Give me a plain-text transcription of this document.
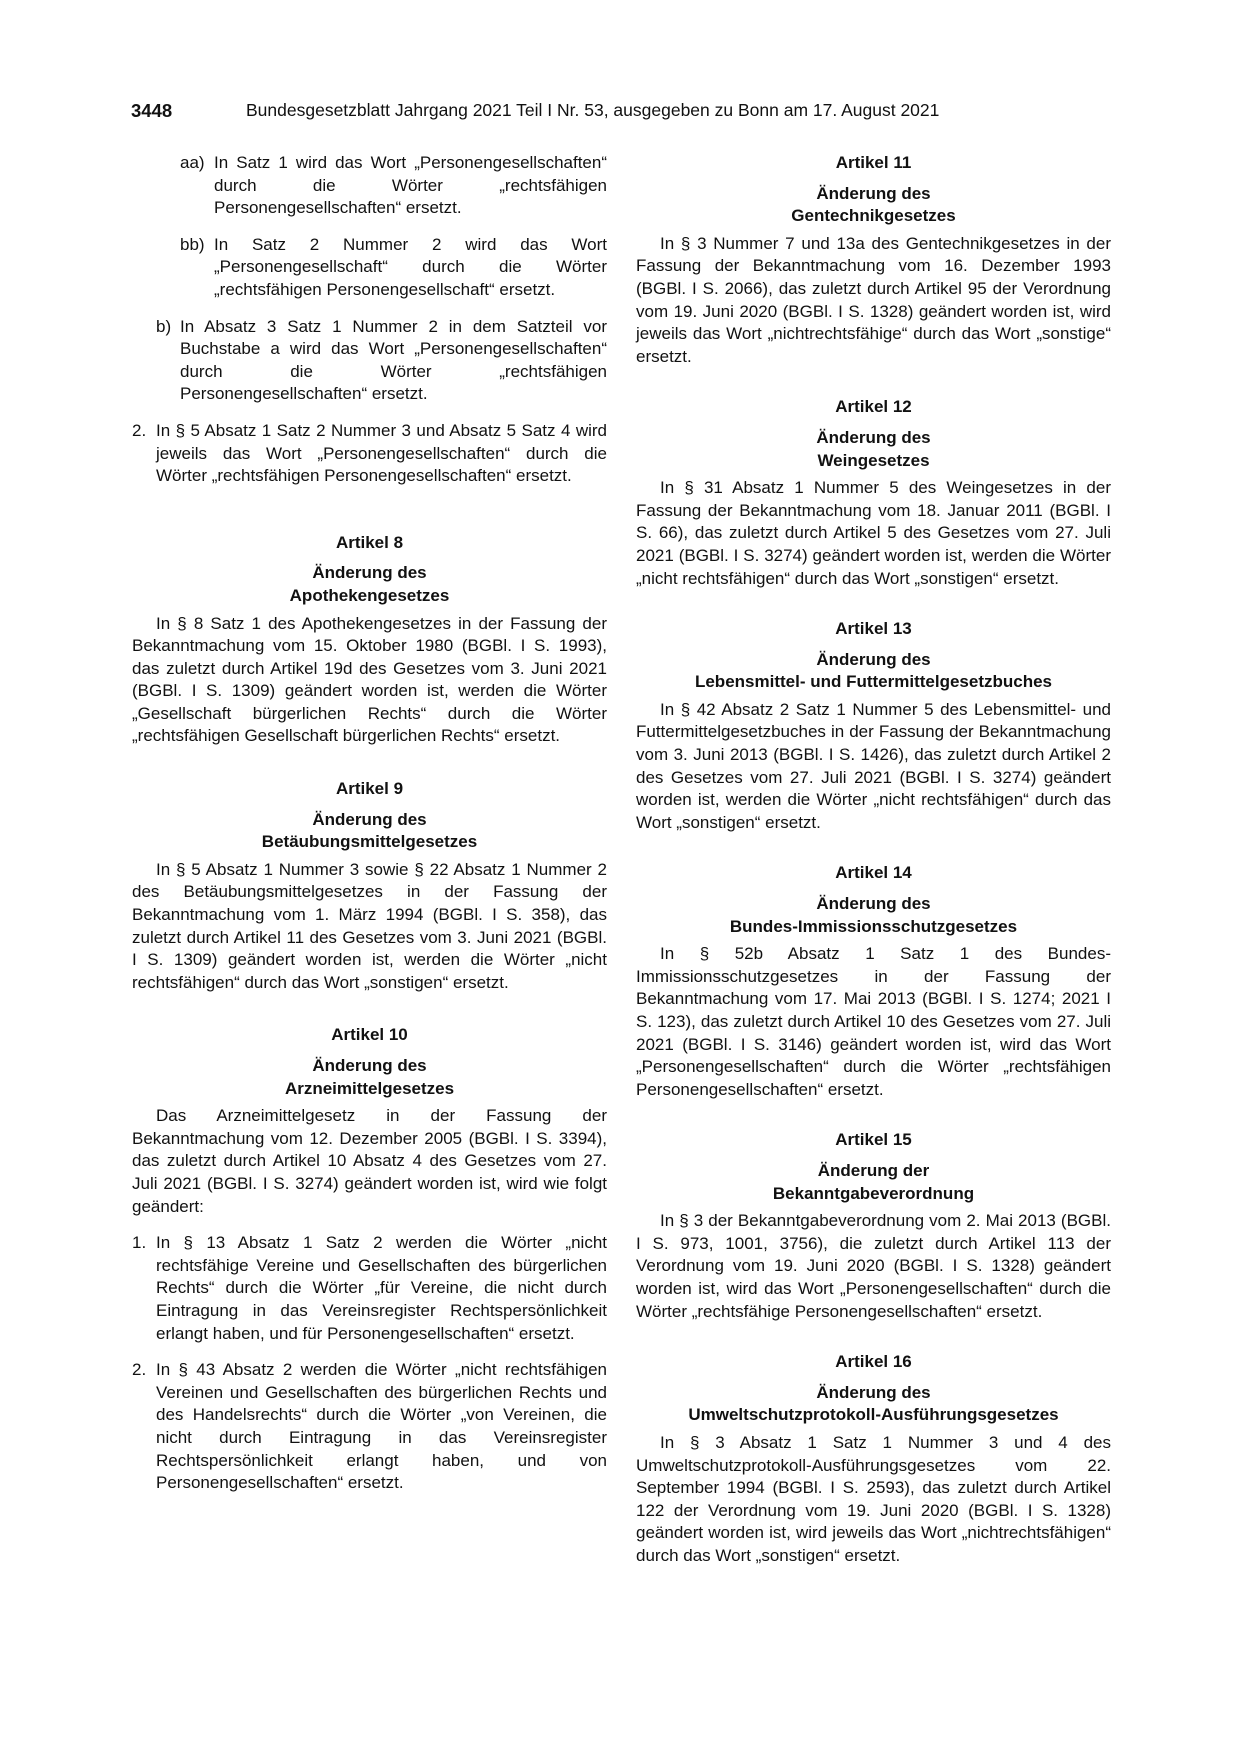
3448	Bundesgesetzblatt Jahrgang 2021 Teil I Nr. 53, ausgegeben zu Bonn am 17. August 2021
aa) In Satz 1 wird das Wort „Personengesellschaften“ durch die Wörter „rechtsfähigen Personengesellschaften“ ersetzt.
bb) In Satz 2 Nummer 2 wird das Wort „Personengesellschaft“ durch die Wörter „rechtsfähigen Personengesellschaft“ ersetzt.
b) In Absatz 3 Satz 1 Nummer 2 in dem Satzteil vor Buchstabe a wird das Wort „Personengesellschaften“ durch die Wörter „rechtsfähigen Personengesellschaften“ ersetzt.
2. In § 5 Absatz 1 Satz 2 Nummer 3 und Absatz 5 Satz 4 wird jeweils das Wort „Personengesellschaften“ durch die Wörter „rechtsfähigen Personengesellschaften“ ersetzt.
Artikel 8
Änderung des
Apothekengesetzes

In § 8 Satz 1 des Apothekengesetzes in der Fassung der Bekanntmachung vom 15. Oktober 1980 (BGBl. I S. 1993), das zuletzt durch Artikel 19d des Gesetzes vom 3. Juni 2021 (BGBl. I S. 1309) geändert worden ist, werden die Wörter „Gesellschaft bürgerlichen Rechts“ durch die Wörter „rechtsfähigen Gesellschaft bürgerlichen Rechts“ ersetzt.

Artikel 9
Änderung des
Betäubungsmittelgesetzes

In § 5 Absatz 1 Nummer 3 sowie § 22 Absatz 1 Nummer 2 des Betäubungsmittelgesetzes in der Fassung der Bekanntmachung vom 1. März 1994 (BGBl. I S. 358), das zuletzt durch Artikel 11 des Gesetzes vom 3. Juni 2021 (BGBl. I S. 1309) geändert worden ist, werden die Wörter „nicht rechtsfähigen“ durch das Wort „sonstigen“ ersetzt.

Artikel 10
Änderung des
Arzneimittelgesetzes

Das Arzneimittelgesetz in der Fassung der Bekanntmachung vom 12. Dezember 2005 (BGBl. I S. 3394), das zuletzt durch Artikel 10 Absatz 4 des Gesetzes vom 27. Juli 2021 (BGBl. I S. 3274) geändert worden ist, wird wie folgt geändert:

1. In § 13 Absatz 1 Satz 2 werden die Wörter „nicht rechtsfähige Vereine und Gesellschaften des bürgerlichen Rechts“ durch die Wörter „für Vereine, die nicht durch Eintragung in das Vereinsregister Rechtspersönlichkeit erlangt haben, und für Personengesellschaften“ ersetzt.
2. In § 43 Absatz 2 werden die Wörter „nicht rechtsfähigen Vereinen und Gesellschaften des bürgerlichen Rechts und des Handelsrechts“ durch die Wörter „von Vereinen, die nicht durch Eintragung in das Vereinsregister Rechtspersönlichkeit erlangt haben, und von Personengesellschaften“ ersetzt.
Artikel 11
Änderung des
Gentechnikgesetzes

In § 3 Nummer 7 und 13a des Gentechnikgesetzes in der Fassung der Bekanntmachung vom 16. Dezember 1993 (BGBl. I S. 2066), das zuletzt durch Artikel 95 der Verordnung vom 19. Juni 2020 (BGBl. I S. 1328) geändert worden ist, wird jeweils das Wort „nichtrechtsfähige“ durch das Wort „sonstige“ ersetzt.

Artikel 12
Änderung des
Weingesetzes

In § 31 Absatz 1 Nummer 5 des Weingesetzes in der Fassung der Bekanntmachung vom 18. Januar 2011 (BGBl. I S. 66), das zuletzt durch Artikel 5 des Gesetzes vom 27. Juli 2021 (BGBl. I S. 3274) geändert worden ist, werden die Wörter „nicht rechtsfähigen“ durch das Wort „sonstigen“ ersetzt.

Artikel 13
Änderung des
Lebensmittel- und Futtermittelgesetzbuches

In § 42 Absatz 2 Satz 1 Nummer 5 des Lebensmittel- und Futtermittelgesetzbuches in der Fassung der Bekanntmachung vom 3. Juni 2013 (BGBl. I S. 1426), das zuletzt durch Artikel 2 des Gesetzes vom 27. Juli 2021 (BGBl. I S. 3274) geändert worden ist, werden die Wörter „nicht rechtsfähigen“ durch das Wort „sonstigen“ ersetzt.

Artikel 14
Änderung des
Bundes-Immissionsschutzgesetzes

In § 52b Absatz 1 Satz 1 des Bundes-Immissionsschutzgesetzes in der Fassung der Bekanntmachung vom 17. Mai 2013 (BGBl. I S. 1274; 2021 I S. 123), das zuletzt durch Artikel 10 des Gesetzes vom 27. Juli 2021 (BGBl. I S. 3146) geändert worden ist, wird das Wort „Personengesellschaften“ durch die Wörter „rechtsfähigen Personengesellschaften“ ersetzt.

Artikel 15
Änderung der
Bekanntgabeverordnung

In § 3 der Bekanntgabeverordnung vom 2. Mai 2013 (BGBl. I S. 973, 1001, 3756), die zuletzt durch Artikel 113 der Verordnung vom 19. Juni 2020 (BGBl. I S. 1328) geändert worden ist, wird das Wort „Personengesellschaften“ durch die Wörter „rechtsfähige Personengesellschaften“ ersetzt.

Artikel 16
Änderung des
Umweltschutzprotokoll-Ausführungsgesetzes

In § 3 Absatz 1 Satz 1 Nummer 3 und 4 des Umweltschutzprotokoll-Ausführungsgesetzes vom 22. September 1994 (BGBl. I S. 2593), das zuletzt durch Artikel 122 der Verordnung vom 19. Juni 2020 (BGBl. I S. 1328) geändert worden ist, wird jeweils das Wort „nichtrechtsfähigen“ durch das Wort „sonstigen“ ersetzt.
